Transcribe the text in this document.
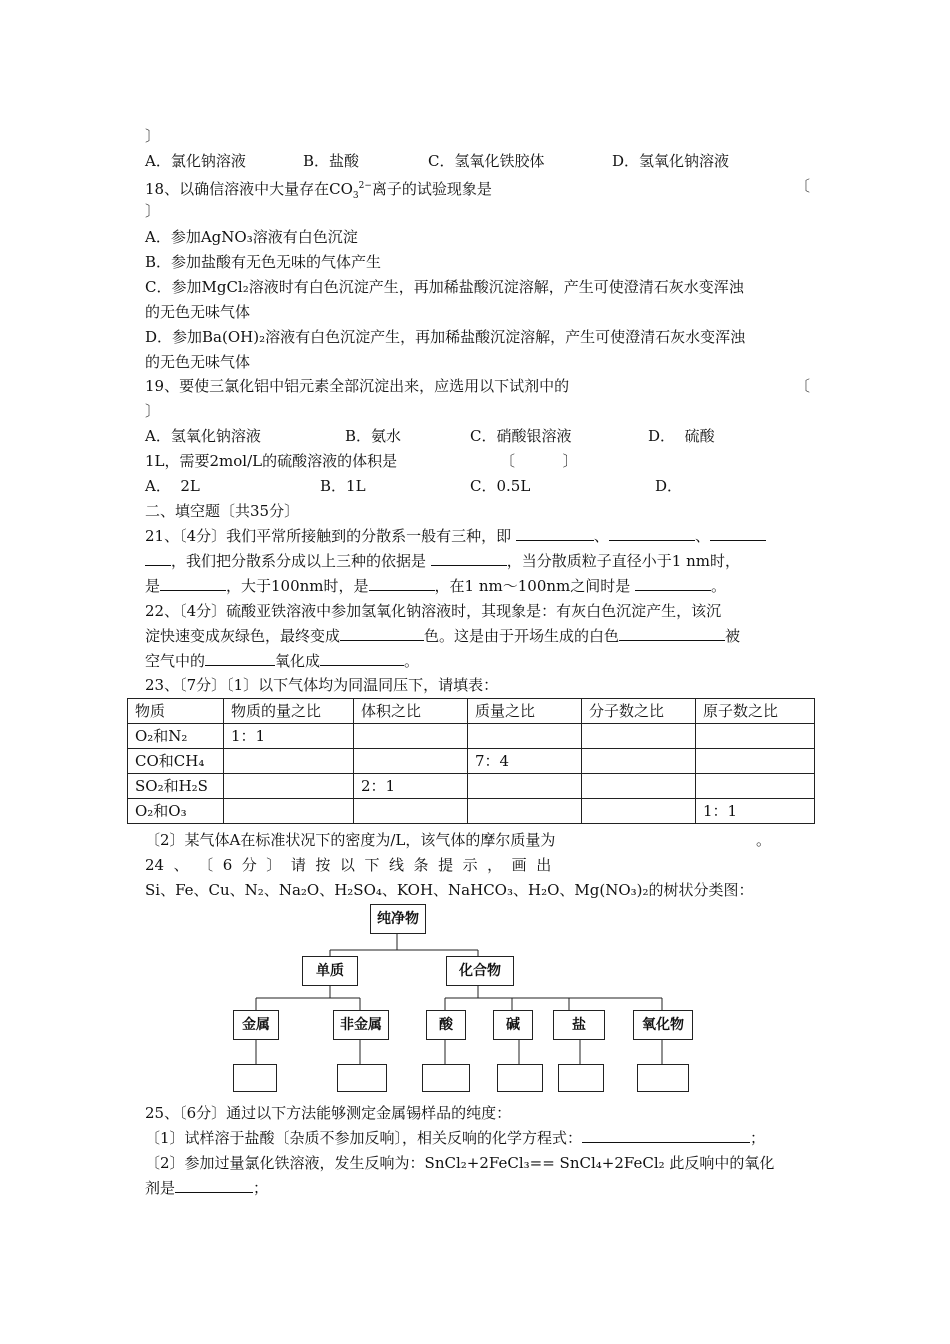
〕
A．氯化钠溶液	B．盐酸	C．氢氧化铁胶体	D．氢氧化钠溶液
18、以确信溶液中大量存在$CO_3^{2-}$离子的试验现象是	〔
〕
A．参加AgNO₃溶液有白色沉淀
B．参加盐酸有无色无味的气体产生
C．参加MgCl₂溶液时有白色沉淀产生，再加稀盐酸沉淀溶解，产生可使澄清石灰水变浑浊
的无色无味气体
D．参加Ba(OH)₂溶液有白色沉淀产生，再加稀盐酸沉淀溶解，产生可使澄清石灰水变浑浊
的无色无味气体
19、要使三氯化铝中铝元素全部沉淀出来，应选用以下试剂中的	〔
〕
A．氢氧化钠溶液	B．氨水	C．硝酸银溶液	D．  硫酸
1L，需要2mol/L的硫酸溶液的体积是	〔          〕
A．  2L	B．1L	C．0.5L	D．
二、填空题〔共35分〕
21、〔4分〕我们平常所接触到的分散系一般有三种，即	、	、
，我们把分散系分成以上三种的依据是	，当分散质粒子直径小于1 nm时，
是	，大于100nm时，是	，在1 nm～100nm之间时是	。
22、〔4分〕硫酸亚铁溶液中参加氢氧化钠溶液时，其现象是：有灰白色沉淀产生，该沉
淀快速变成灰绿色，最终变成	色。这是由于开场生成的白色	被
空气中的	氧化成	。
23、〔7分〕〔1〕以下气体均为同温同压下，请填表：
物质	物质的量之比	体积之比	质量之比	分子数之比	原子数之比
O₂和N₂	1：1				
CO和CH₄			7：4		
SO₂和H₂S		2：1			
O₂和O₃					1：1
〔2〕某气体A在标准状况下的密度为/L，该气体的摩尔质量为	。
24  、  〔  6  分  〕  请  按  以  下  线  条  提  示  ，  画  出
Si、Fe、Cu、N₂、Na₂O、H₂SO₄、KOH、NaHCO₃、H₂O、Mg(NO₃)₂的树状分类图：
纯净物
单质	化合物
金属	非金属	酸	碱	盐	氧化物
25、〔6分〕通过以下方法能够测定金属锡样品的纯度：
〔1〕试样溶于盐酸〔杂质不参加反响〕，相关反响的化学方程式：	；
〔2〕参加过量氯化铁溶液，发生反响为：SnCl₂+2FeCl₃== SnCl₄+2FeCl₂ 此反响中的氧化
剂是	；
